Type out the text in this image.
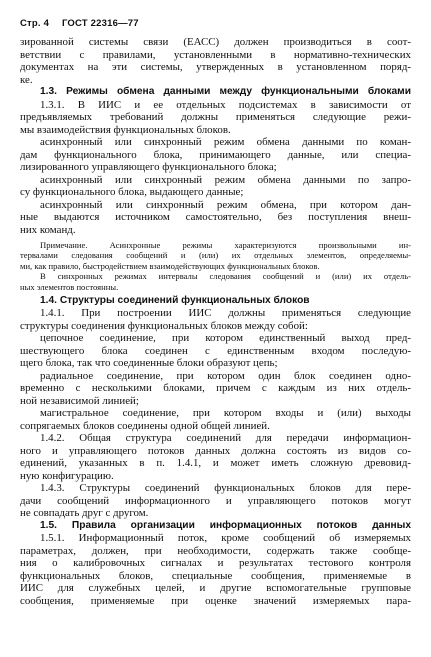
Стр. 4 ГОСТ 22316—77
зированной системы связи (ЕАСС) должен производиться в соот-
ветствии с правилами, установленными в нормативно-технических
документах на эти системы, утвержденных в установленном поряд-
ке.
1.3. Режимы обмена данными между функциональными блоками
1.3.1. В ИИС и ее отдельных подсистемах в зависимости от
предъявляемых требований должны применяться следующие режи-
мы взаимодействия функциональных блоков.
асинхронный или синхронный режим обмена данными по коман-
дам функционального блока, принимающего данные, или специа-
лизированного управляющего функционального блока;
асинхронный или синхронный режим обмена данными по запро-
су функционального блока, выдающего данные;
асинхронный или синхронный режим обмена, при котором дан-
ные выдаются источником самостоятельно, без поступления внеш-
них команд.
Примечание. Асинхронные режимы характеризуются произвольными ин-
тервалами следования сообщений и (или) их отдельных элементов, определяемы-
ми, как правило, быстродействием взаимодействующих функциональных блоков.
В синхронных режимах интервалы следования сообщений и (или) их отдель-
ных элементов постоянны.
1.4. Структуры соединений функциональных блоков
1.4.1. При построении ИИС должны применяться следующие
структуры соединения функциональных блоков между собой:
цепочное соединение, при котором единственный выход пред-
шествующего блока соединен с единственным входом последую-
щего блока, так что соединенные блоки образуют цепь;
радиальное соединение, при котором один блок соединен одно-
временно с несколькими блоками, причем с каждым из них отдель-
ной независимой линией;
магистральное соединение, при котором входы и (или) выходы
сопрягаемых блоков соединены одной общей линией.
1.4.2. Общая структура соединений для передачи информацион-
ного и управляющего потоков данных должна состоять из видов со-
единений, указанных в п. 1.4.1, и может иметь сложную древовид-
ную конфигурацию.
1.4.3. Структуры соединений функциональных блоков для пере-
дачи сообщений информационного и управляющего потоков могут
не совпадать друг с другом.
1.5. Правила организации информационных потоков данных
1.5.1. Информационный поток, кроме сообщений об измеряемых
параметрах, должен, при необходимости, содержать также сообще-
ния о калибровочных сигналах и результатах тестового контроля
функциональных блоков, специальные сообщения, применяемые в
ИИС для служебных целей, и другие вспомогательные групповые
сообщения, применяемые при оценке значений измеряемых пара-
